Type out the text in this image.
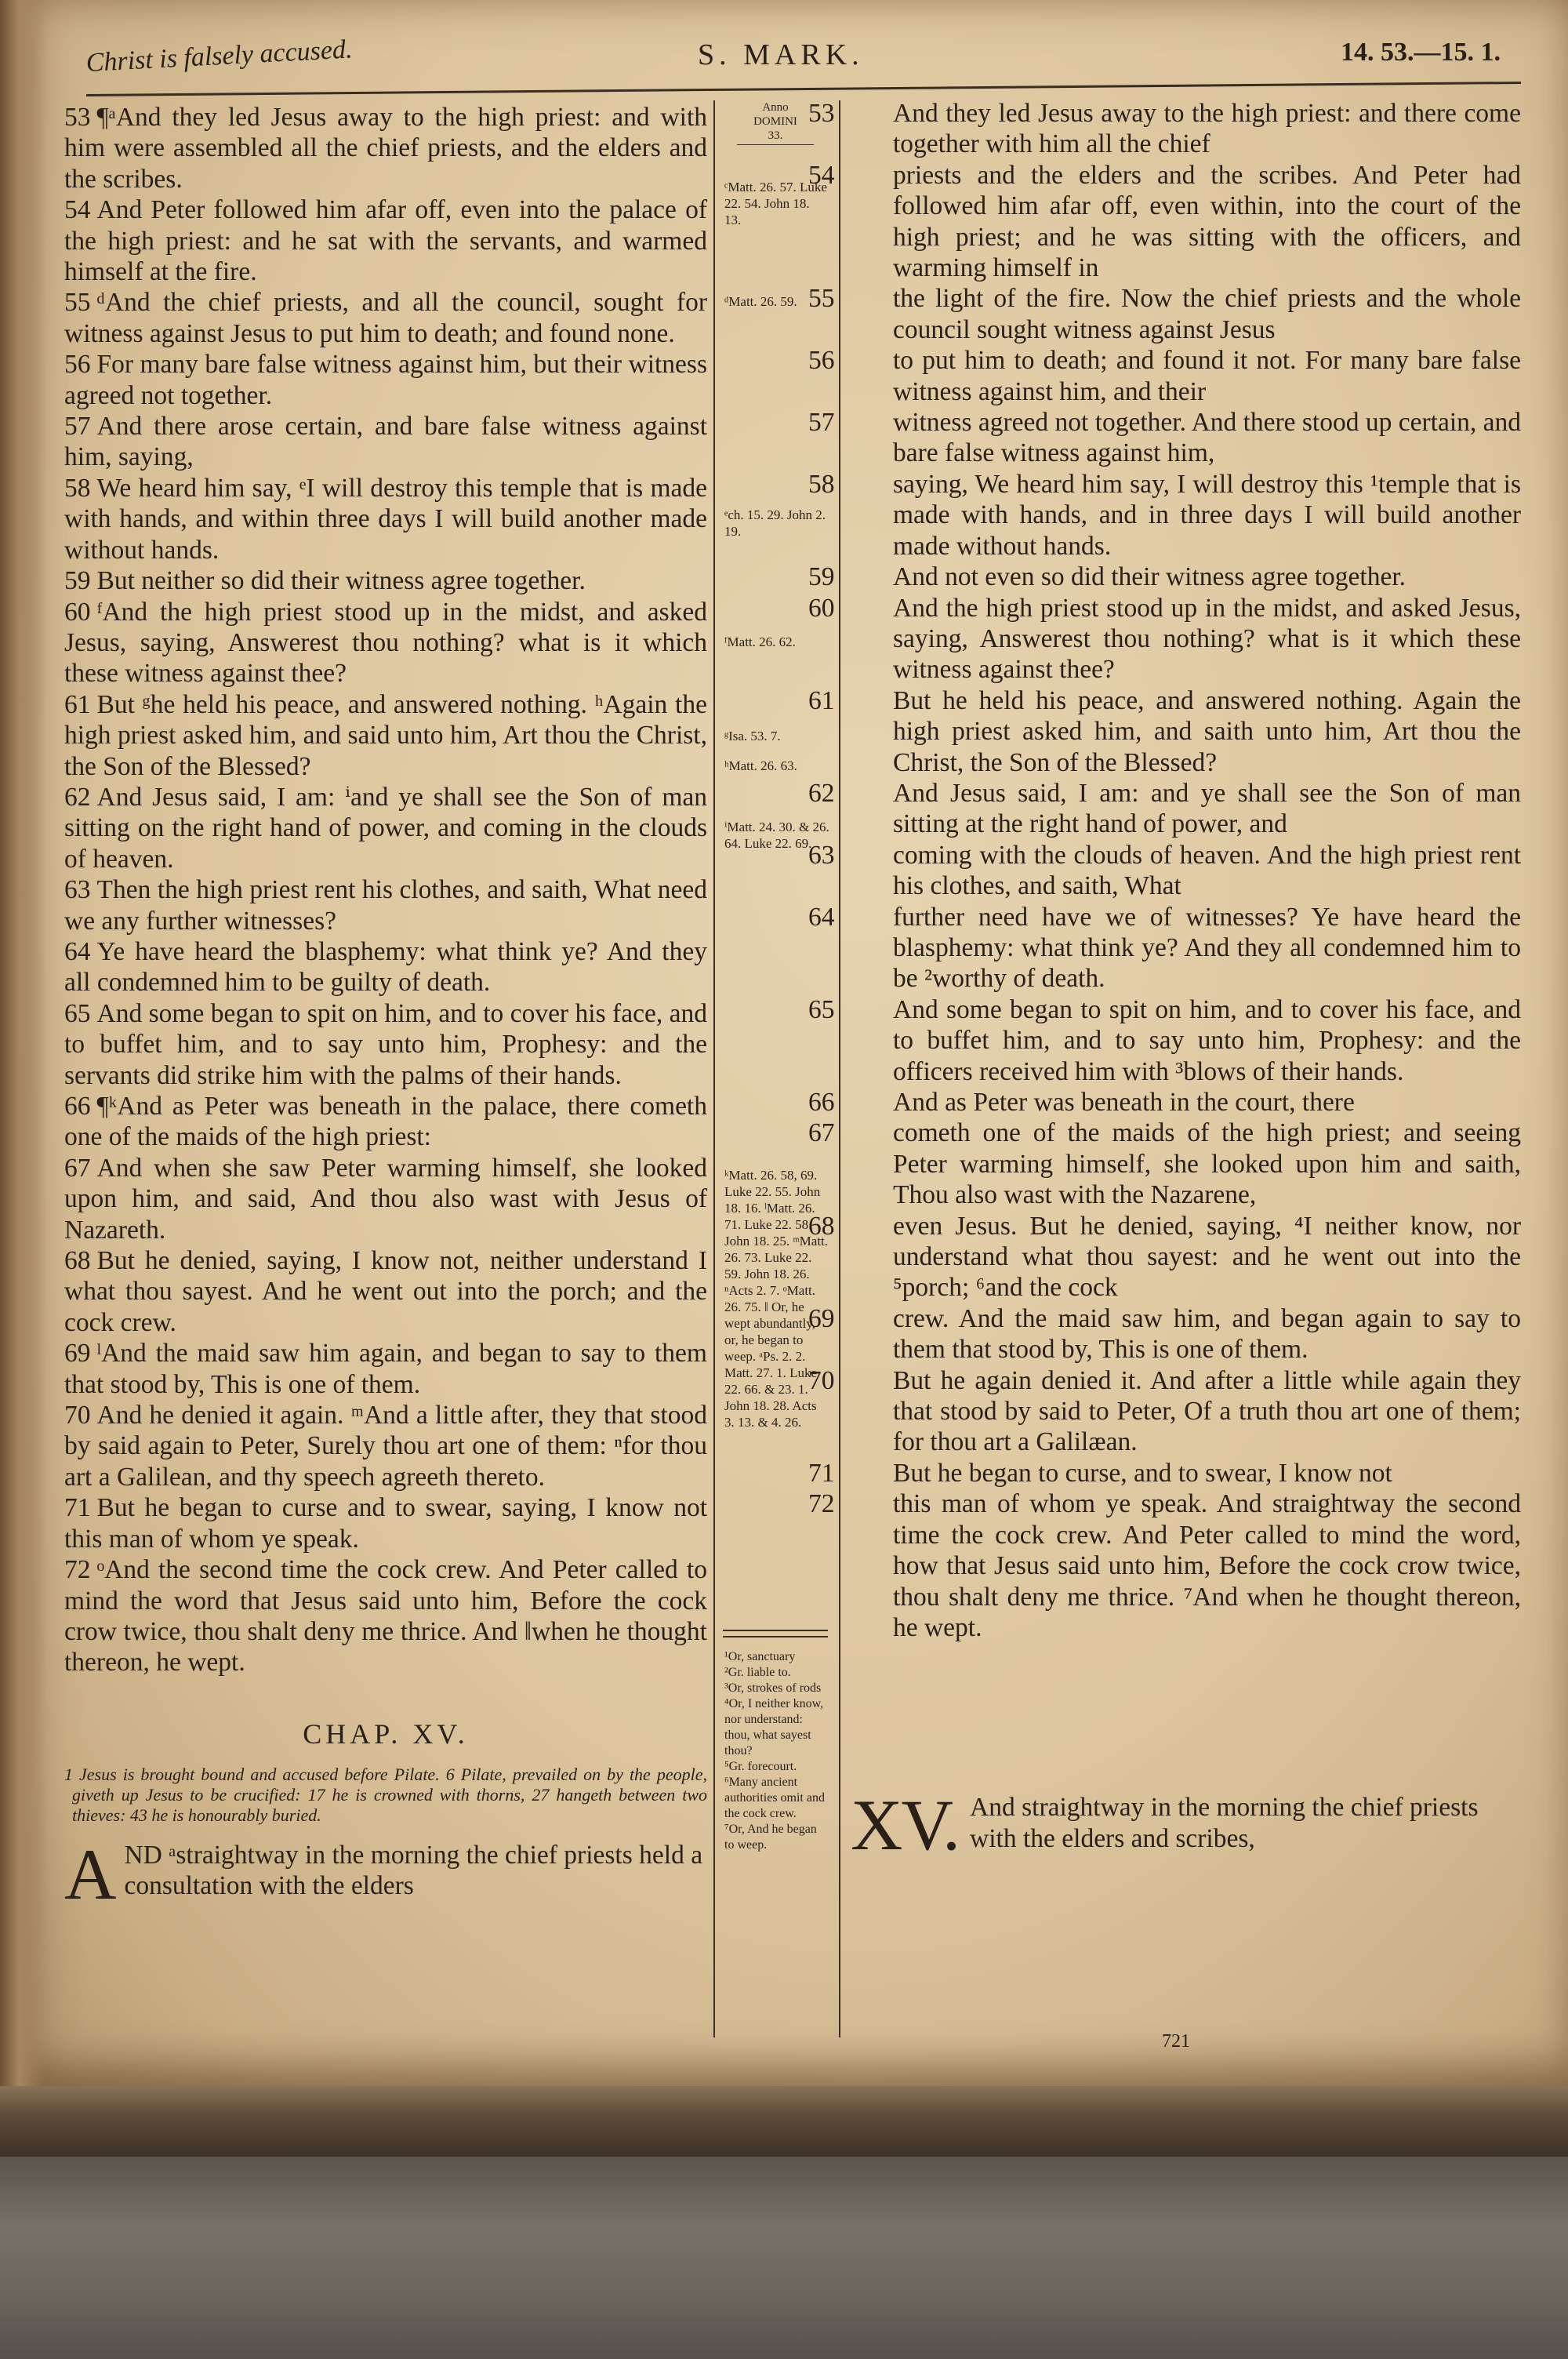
Christ is falsely accused.	S. MARK.	14. 53.—15. 1.

53 ¶ᵃAnd they led Jesus away to the high priest: and with him were assembled all the chief priests, and the elders and the scribes.

54 And Peter followed him afar off, even into the palace of the high priest: and he sat with the servants, and warmed himself at the fire.

55 ᵈAnd the chief priests, and all the council, sought for witness against Jesus to put him to death; and found none.

56 For many bare false witness against him, but their witness agreed not together.

57 And there arose certain, and bare false witness against him, saying,

58 We heard him say, ᵉI will destroy this temple that is made with hands, and within three days I will build another made without hands.

59 But neither so did their witness agree together.

60 ᶠAnd the high priest stood up in the midst, and asked Jesus, saying, Answerest thou nothing? what is it which these witness against thee?

61 But ᵍhe held his peace, and answered nothing. ʰAgain the high priest asked him, and said unto him, Art thou the Christ, the Son of the Blessed?

62 And Jesus said, I am: ⁱand ye shall see the Son of man sitting on the right hand of power, and coming in the clouds of heaven.

63 Then the high priest rent his clothes, and saith, What need we any further witnesses?

64 Ye have heard the blasphemy: what think ye? And they all condemned him to be guilty of death.

65 And some began to spit on him, and to cover his face, and to buffet him, and to say unto him, Prophesy: and the servants did strike him with the palms of their hands.

66 ¶ᵏAnd as Peter was beneath in the palace, there cometh one of the maids of the high priest:

67 And when she saw Peter warming himself, she looked upon him, and said, And thou also wast with Jesus of Nazareth.

68 But he denied, saying, I know not, neither understand I what thou sayest. And he went out into the porch; and the cock crew.

69 ˡAnd the maid saw him again, and began to say to them that stood by, This is one of them.

70 And he denied it again. ᵐAnd a little after, they that stood by said again to Peter, Surely thou art one of them: ⁿfor thou art a Galilean, and thy speech agreeth thereto.

71 But he began to curse and to swear, saying, I know not this man of whom ye speak.

72 ᵒAnd the second time the cock crew. And Peter called to mind the word that Jesus said unto him, Before the cock crow twice, thou shalt deny me thrice. And ‖when he thought thereon, he wept.

CHAP. XV.

1 Jesus is brought bound and accused before Pilate. 6 Pilate, prevailed on by the people, giveth up Jesus to be crucified: 17 he is crowned with thorns, 27 hangeth between two thieves: 43 he is honourably buried.

A ND ᵃstraightway in the morning the chief priests held a consultation with the elders
Anno
DOMINI
33.
ᶜMatt. 26. 57. Luke 22. 54. John 18. 13.
ᵈMatt. 26. 59.
ᵉch. 15. 29. John 2. 19.
ᶠMatt. 26. 62.
ᵍIsa. 53. 7.
ʰMatt. 26. 63.
ⁱMatt. 24. 30. & 26. 64. Luke 22. 69.
ᵏMatt. 26. 58, 69. Luke 22. 55. John 18. 16. ˡMatt. 26. 71. Luke 22. 58. John 18. 25. ᵐMatt. 26. 73. Luke 22. 59. John 18. 26. ⁿActs 2. 7. ᵒMatt. 26. 75. ‖ Or, he wept abundantly, or, he began to weep. ᵃPs. 2. 2. Matt. 27. 1. Luke 22. 66. & 23. 1. John 18. 28. Acts 3. 13. & 4. 26.
¹Or, sanctuary
²Gr. liable to.
³Or, strokes of rods
⁴Or, I neither know, nor understand: thou, what sayest thou?
⁵Gr. forecourt.
⁶Many ancient authorities omit and the cock crew.
⁷Or, And he began to weep.

53 And they led Jesus away to the high priest: and there come together with him all the chief

54 priests and the elders and the scribes. And Peter had followed him afar off, even within, into the court of the high priest; and he was sitting with the officers, and warming himself in

55 the light of the fire. Now the chief priests and the whole council sought witness against Jesus

56 to put him to death; and found it not. For many bare false witness against him, and their

57 witness agreed not together. And there stood up certain, and bare false witness against him,

58 saying, We heard him say, I will destroy this ¹temple that is made with hands, and in three days I will build another made without hands.

59 And not even so did their witness agree together.

60 And the high priest stood up in the midst, and asked Jesus, saying, Answerest thou nothing? what is it which these witness against thee?

61 But he held his peace, and answered nothing. Again the high priest asked him, and saith unto him, Art thou the Christ, the Son of the Blessed?

62 And Jesus said, I am: and ye shall see the Son of man sitting at the right hand of power, and

63 coming with the clouds of heaven. And the high priest rent his clothes, and saith, What

64 further need have we of witnesses? Ye have heard the blasphemy: what think ye? And they all condemned him to be ²worthy of death.

65 And some began to spit on him, and to cover his face, and to buffet him, and to say unto him, Prophesy: and the officers received him with ³blows of their hands.

66 And as Peter was beneath in the court, there

67 cometh one of the maids of the high priest; and seeing Peter warming himself, she looked upon him and saith, Thou also wast with the Nazarene,

68 even Jesus. But he denied, saying, ⁴I neither know, nor understand what thou sayest: and he went out into the ⁵porch; ⁶and the cock

69 crew. And the maid saw him, and began again to say to them that stood by, This is one of them.

70 But he again denied it. And after a little while again they that stood by said to Peter, Of a truth thou art one of them; for thou art a Galilæan.

71 But he began to curse, and to swear, I know not

72 this man of whom ye speak. And straightway the second time the cock crew. And Peter called to mind the word, how that Jesus said unto him, Before the cock crow twice, thou shalt deny me thrice. ⁷And when he thought thereon, he wept.

XV. And straightway in the morning the chief priests with the elders and scribes,
721
